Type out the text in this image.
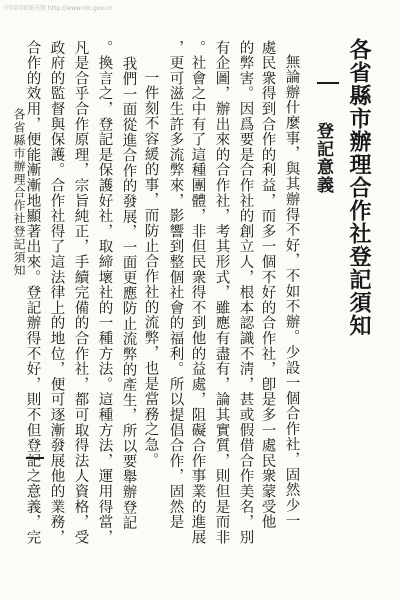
中国国家图书馆 http://www.nlc.gov.cn
各省縣市辦理合作社登記須知
登記意義
無論辦什麼事，與其辦得不好，不如不辦。少設一個合作社，固然少一
處民衆得到合作的利益，而多一個不好的合作社，卽是多一處民衆蒙受他
的弊害。因爲要是合作社的創立人，根本認識不淸，甚或假借合作美名，別
有企圖，辦出來的合作社，考其形式，雖應有盡有，論其實質，則但是而非
。社會之中有了這種團體，非但民衆得不到他的益處，阻礙合作事業的進展
，更可滋生許多流弊來，影響到整個社會的福利。所以提倡合作，固然是
一件刻不容緩的事，而防止合作社的流弊，也是當務之急。
我們一面從進合作的發展，一面更應防止流弊的產生，所以要舉辦登記
。換言之，登記是保護好社，取締壞社的一種方法。這種方法，運用得當，
凡是合乎合作原理，宗旨純正，手續完備的合作社，都可取得法人資格，受
政府的監督與保護。合作社得了這法律上的地位，便可逐漸發展他的業務，
合作的效用，便能漸漸地顯著出來。登記辦得不好，則不但登記之意義，完
各省縣市辦理合作社登記須知
